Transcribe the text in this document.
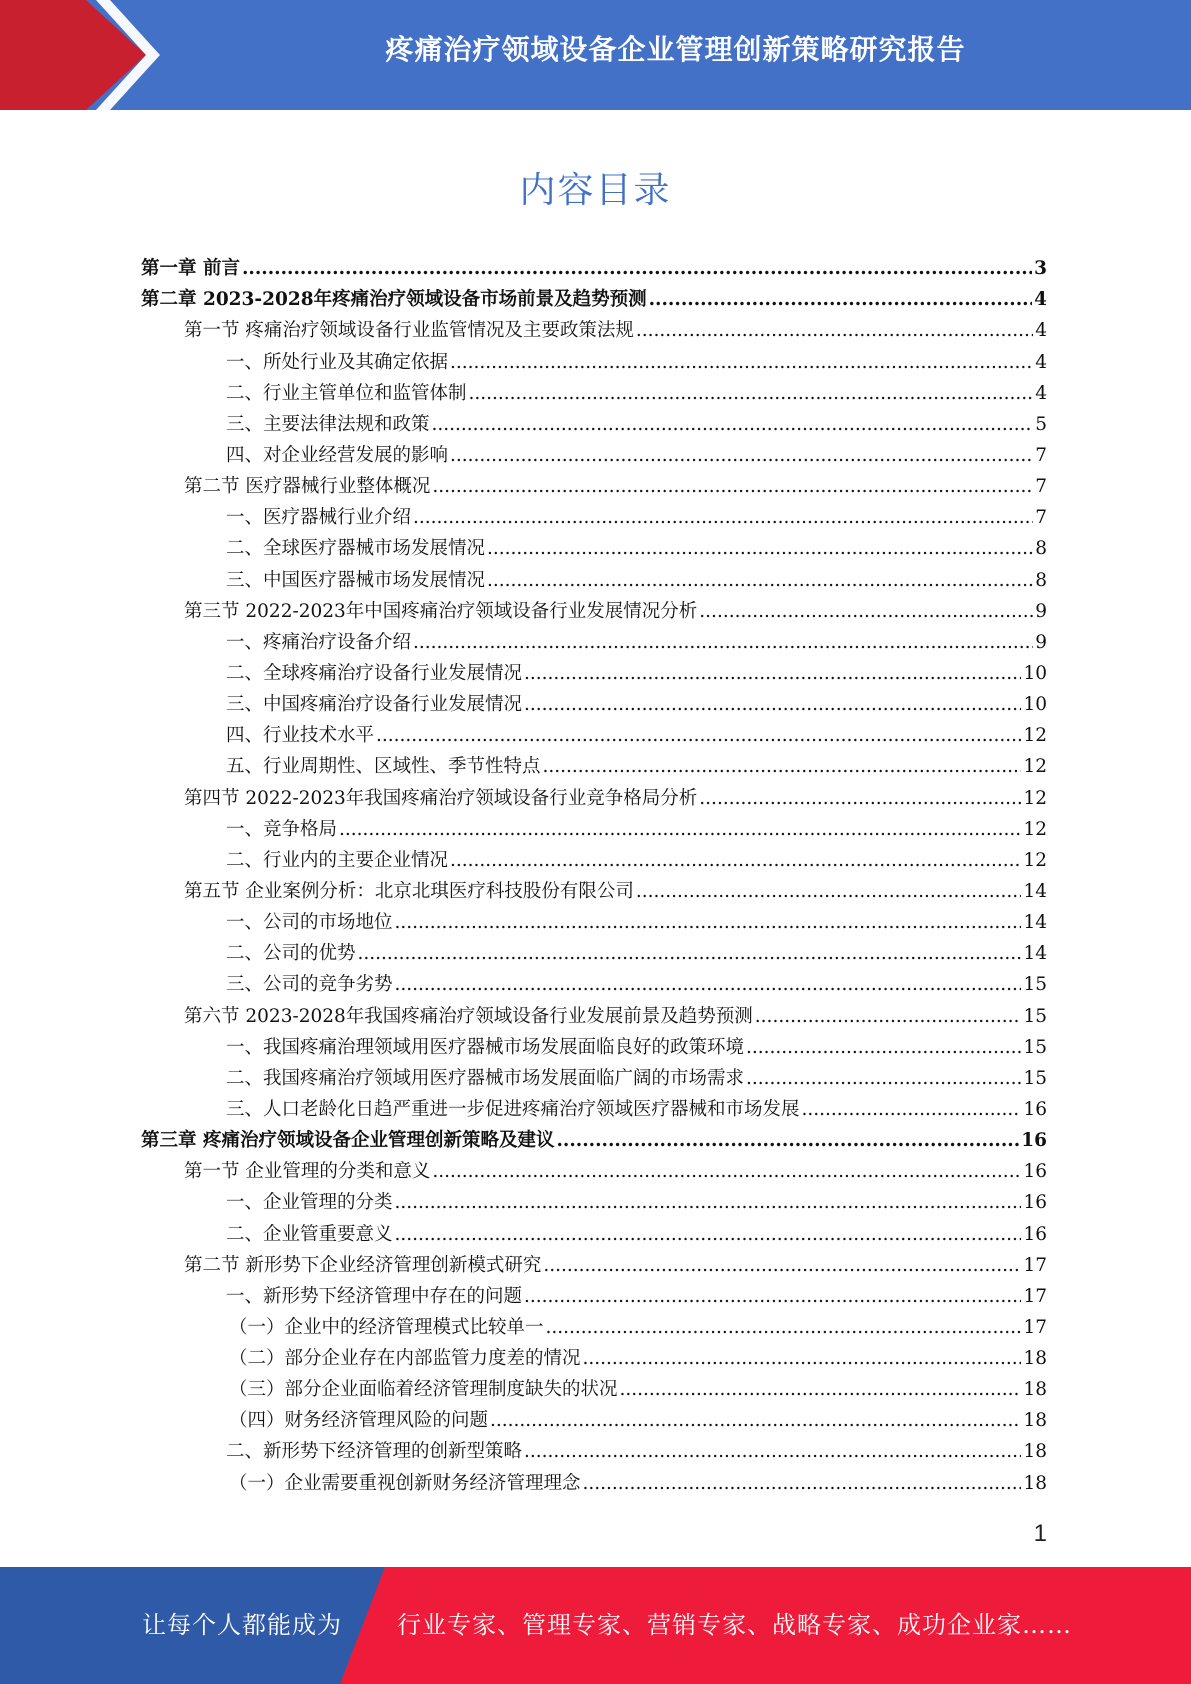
疼痛治疗领域设备企业管理创新策略研究报告
内容目录
第一章 前言 .....	3
第二章 2023-2028年疼痛治疗领域设备市场前景及趋势预测 .....	4
第一节 疼痛治疗领域设备行业监管情况及主要政策法规 .....	4
一、所处行业及其确定依据 .....	4
二、行业主管单位和监管体制 .....	4
三、主要法律法规和政策 .....	5
四、对企业经营发展的影响 .....	7
第二节 医疗器械行业整体概况 .....	7
一、医疗器械行业介绍 .....	7
二、全球医疗器械市场发展情况 .....	8
三、中国医疗器械市场发展情况 .....	8
第三节 2022-2023年中国疼痛治疗领域设备行业发展情况分析 .....	9
一、疼痛治疗设备介绍 .....	9
二、全球疼痛治疗设备行业发展情况 .....	10
三、中国疼痛治疗设备行业发展情况 .....	10
四、行业技术水平 .....	12
五、行业周期性、区域性、季节性特点 .....	12
第四节 2022-2023年我国疼痛治疗领域设备行业竞争格局分析 .....	12
一、竞争格局 .....	12
二、行业内的主要企业情况 .....	12
第五节 企业案例分析：北京北琪医疗科技股份有限公司 .....	14
一、公司的市场地位 .....	14
二、公司的优势 .....	14
三、公司的竞争劣势 .....	15
第六节 2023-2028年我国疼痛治疗领域设备行业发展前景及趋势预测 .....	15
一、我国疼痛治理领域用医疗器械市场发展面临良好的政策环境 .....	15
二、我国疼痛治疗领域用医疗器械市场发展面临广阔的市场需求 .....	15
三、人口老龄化日趋严重进一步促进疼痛治疗领域医疗器械和市场发展 .....	16
第三章 疼痛治疗领域设备企业管理创新策略及建议 .....	16
第一节 企业管理的分类和意义 .....	16
一、企业管理的分类 .....	16
二、企业管重要意义 .....	16
第二节 新形势下企业经济管理创新模式研究 .....	17
一、新形势下经济管理中存在的问题 .....	17
（一）企业中的经济管理模式比较单一 .....	17
（二）部分企业存在内部监管力度差的情况 .....	18
（三）部分企业面临着经济管理制度缺失的状况 .....	18
（四）财务经济管理风险的问题 .....	18
二、新形势下经济管理的创新型策略 .....	18
（一）企业需要重视创新财务经济管理理念 .....	18
1
让每个人都能成为 行业专家、管理专家、营销专家、战略专家、成功企业家……
